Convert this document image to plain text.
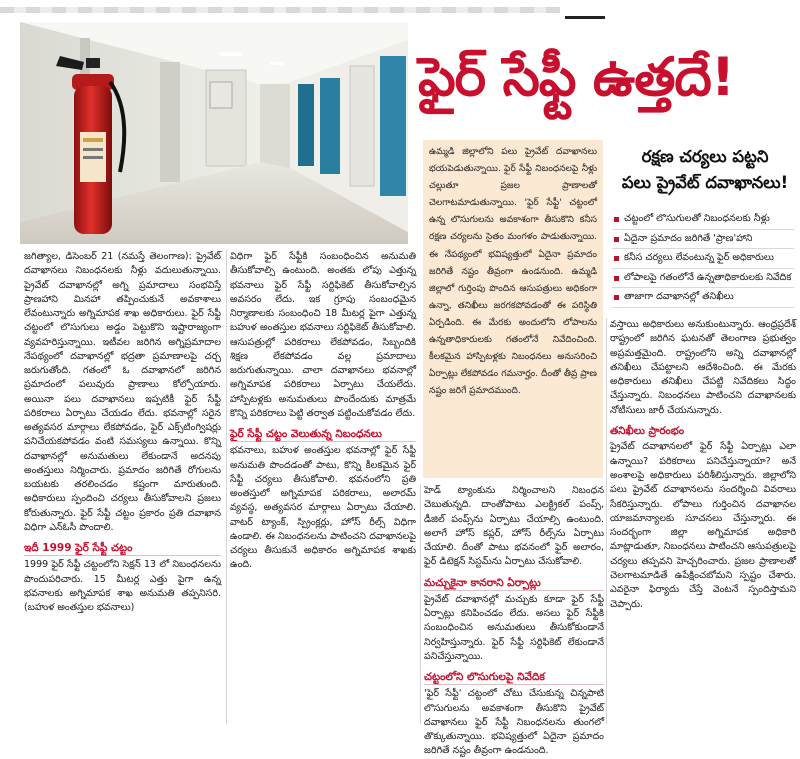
ఫైర్ సేఫ్టీ ఉత్తదే!
ఉమ్మడి జిల్లాలోని పలు ప్రైవేట్ దవాఖానలు భయపెడుతున్నాయి. ఫైర్ సేఫ్టీ నిబంధనలపై నీళ్లు చల్లుతూ ప్రజల ప్రాణాలతో చెలగాటమాడుతున్నాయి. 'ఫైర్ సేఫ్టీ' చట్టంలో ఉన్న లొసుగులను అవకాశంగా తీసుకొని కనీస రక్షణ చర్యలను సైతం మంగళం పాడుతున్నాయి. ఈ నేపథ్యంలో భవిష్యత్తులో ఏదైనా ప్రమాదం జరిగితే నష్టం తీవ్రంగా ఉండనుంది. ఉమ్మడి జిల్లాలో గుర్తింపు పొందిన ఆసుపత్రులు అధికంగా ఉన్నా, తనిఖీలు జరగకపోవడంతో ఈ పరిస్థితి ఏర్పడింది. ఈ మేరకు అందులోని లోపాలను ఉన్నతాధికారులకు గతంలోనే నివేదించింది. కీలకమైన హాస్పిటళ్లకు నిబంధనలు అనుసరించి ఏర్పాట్లు లేకపోవడం గమనార్హం. దీంతో తీవ్ర ప్రాణ నష్టం జరిగే ప్రమాదముంది.
రక్షణ చర్యలు పట్టని
పలు ప్రైవేట్ దవాఖానలు!
చట్టంలో లొసుగులతో నిబంధనలకు నీళ్లు
ఏదైనా ప్రమాదం జరిగితే 'ప్రాణ'హాని
కనీస చర్యలు లేవంటున్న ఫైర్ అధికారులు
లోపాలపై గతంలోనే ఉన్నతాధికారులకు నివేదిక
తాజాగా దవాఖానల్లో తనిఖీలు

వస్తాయి అధికారులు అనుకుంటున్నారు. ఆంధ్రప్రదేశ్ రాష్ట్రంలో జరిగిన ఘటనతో తెలంగాణ ప్రభుత్వం అప్రమత్తమైంది. రాష్ట్రంలోని అన్ని దవాఖానల్లో తనిఖీలు చేపట్టాలని ఆదేశించింది. ఈ మేరకు అధికారులు తనిఖీలు చేపట్టి నివేదికలు సిద్ధం చేస్తున్నారు. నిబంధనలు పాటించని దవాఖానలకు నోటీసులు జారీ చేయనున్నారు.

తనిఖీలు ప్రారంభం

ప్రైవేట్ దవాఖానలలో ఫైర్ సేఫ్టీ ఏర్పాట్లు ఎలా ఉన్నాయి? పరికరాలు పనిచేస్తున్నాయా? అనే అంశాలపై అధికారులు పరిశీలిస్తున్నారు. జిల్లాలోని పలు ప్రైవేట్ దవాఖానలను సందర్శించి వివరాలు సేకరిస్తున్నారు. లోపాలు గుర్తించిన దవాఖానల యాజమాన్యాలకు సూచనలు చేస్తున్నారు. ఈ సందర్భంగా జిల్లా అగ్నిమాపక అధికారి మాట్లాడుతూ, నిబంధనలు పాటించని ఆసుపత్రులపై చర్యలు తప్పవని హెచ్చరించారు. ప్రజల ప్రాణాలతో చెలగాటమాడితే ఉపేక్షించబోమని స్పష్టం చేశారు. ఎవరైనా ఫిర్యాదు చేస్తే వెంటనే స్పందిస్తామని చెప్పారు.

జగిత్యాల, డిసెంబర్ 21 (నమస్తే తెలంగాణ): ప్రైవేట్ దవాఖానలు నిబంధనలకు నీళ్లు వదులుతున్నాయి. ప్రైవేట్ దవాఖానల్లో అగ్ని ప్రమాదాలు సంభవిస్తే ప్రాణహాని మినహా తప్పించుకునే అవకాశాలు లేవంటున్నారు అగ్నిమాపక శాఖ అధికారులు. ఫైర్ సేఫ్టీ చట్టంలో లొసుగులు అడ్డం పెట్టుకొని ఇష్టారాజ్యంగా వ్యవహరిస్తున్నాయి. ఇటీవల జరిగిన అగ్నిప్రమాదాల నేపథ్యంలో దవాఖానల్లో భద్రతా ప్రమాణాలపై చర్చ జరుగుతోంది. గతంలో ఓ దవాఖానలో జరిగిన ప్రమాదంలో పలువురు ప్రాణాలు కోల్పోయారు. అయినా పలు దవాఖానలు ఇప్పటికీ ఫైర్ సేఫ్టీ పరికరాలు ఏర్పాటు చేయడం లేదు. భవనాల్లో సరైన అత్యవసర మార్గాలు లేకపోవడం, ఫైర్ ఎక్స్‌టింగ్విషర్లు పనిచేయకపోవడం వంటి సమస్యలు ఉన్నాయి. కొన్ని దవాఖానల్లో అనుమతులు లేకుండానే అదనపు అంతస్తులు నిర్మించారు. ప్రమాదం జరిగితే రోగులను బయటకు తరలించడం కష్టంగా మారుతుంది. అధికారులు స్పందించి చర్యలు తీసుకోవాలని ప్రజలు కోరుతున్నారు. ఫైర్ సేఫ్టీ చట్టం ప్రకారం ప్రతి దవాఖాన విధిగా ఎన్ఓసీ పొందాలి.

ఇదీ 1999 ఫైర్ సేఫ్టీ చట్టం

1999 ఫైర్ సేఫ్టీ చట్టంలోని సెక్షన్ 13 లో నిబంధనలను పొందుపరిచారు. 15 మీటర్ల ఎత్తు పైగా ఉన్న భవనాలకు అగ్నిమాపక శాఖ అనుమతి తప్పనిసరి. (బహుళ అంతస్తుల భవనాలు)

విధిగా ఫైర్ సేఫ్టీకి సంబంధించిన అనుమతి తీసుకోవాల్సి ఉంటుంది. అంతకు లోపు ఎత్తున్న భవనాలు ఫైర్ సేఫ్టీ సర్టిఫికెట్ తీసుకోవాల్సిన అవసరం లేదు. ఇక గ్రూపు సంబంధమైన నిర్మాణాలకు సంబంధించి 18 మీటర్ల పైగా ఎత్తున్న బహుళ అంతస్తుల భవనాలు సర్టిఫికెట్ తీసుకోవాలి. ఆసుపత్రుల్లో పరికరాలు లేకపోవడం, సిబ్బందికి శిక్షణ లేకపోవడం వల్ల ప్రమాదాలు జరుగుతున్నాయి. చాలా దవాఖానలు భవనాల్లో అగ్నిమాపక పరికరాలు ఏర్పాటు చేయలేదు. హాస్పిటళ్లకు అనుమతులు పొందేందుకు మాత్రమే కొన్ని పరికరాలు పెట్టి తర్వాత పట్టించుకోవడం లేదు.

ఫైర్ సేఫ్టీ చట్టం వెలుతున్న నిబంధనలు

భవనాలు, బహుళ అంతస్తుల భవనాల్లో ఫైర్ సేఫ్టీ అనుమతి పొందడంతో పాటు, కొన్ని కీలకమైన ఫైర్ సేఫ్టీ చర్యలు తీసుకోవాలి. భవనంలోని ప్రతి అంతస్తులో అగ్నిమాపక పరికరాలు, అలారమ్ వ్యవస్థ, అత్యవసర మార్గాలు ఏర్పాటు చేయాలి. వాటర్ ట్యాంక్, స్ప్రింక్లర్లు, హోస్ రీల్స్ విధిగా ఉండాలి. ఈ నిబంధనలను పాటించని దవాఖానలపై చర్యలు తీసుకునే అధికారం అగ్నిమాపక శాఖకు ఉంది.

హెడ్ ట్యాంకును నిర్మించాలని నిబంధన చెబుతున్నది. దాంతోపాటు ఎలక్ట్రికల్ పంప్స్, డీజిల్ పంప్స్‌ను ఏర్పాటు చేయాల్సి ఉంటుంది. అలాగే హోస్ కప్లర్, హోస్ రీల్స్‌ను ఏర్పాటు చేయాలి. దీంతో పాటు భవనంలో ఫైర్ అలారం, ఫైర్ డిటెక్షన్ సిస్టమ్‌ను ఏర్పాటు చేసుకోవాలి.

మచ్చుకైనా కానరాని ఏర్పాట్లు

ప్రైవేట్ దవాఖానల్లో మచ్చుకు కూడా ఫైర్ సేఫ్టీ ఏర్పాట్లు కనిపించడం లేదు. అసలు ఫైర్ సేఫ్టీకి సంబంధించిన అనుమతులు తీసుకోకుండానే నిర్వహిస్తున్నారు. ఫైర్ సేఫ్టీ సర్టిఫికెట్ లేకుండానే పనిచేస్తున్నాయి.

చట్టంలోని లొసుగులపై నివేదిక

'ఫైర్ సేఫ్టీ' చట్టంలో చోటు చేసుకున్న చిన్నపాటి లొసుగులను అవకాశంగా తీసుకొని ప్రైవేట్ దవాఖానలు ఫైర్ సేఫ్టీ నిబంధనలను తుంగలో తొక్కుతున్నాయి. భవిష్యత్తులో ఏదైనా ప్రమాదం జరిగితే నష్టం తీవ్రంగా ఉండనుంది.
